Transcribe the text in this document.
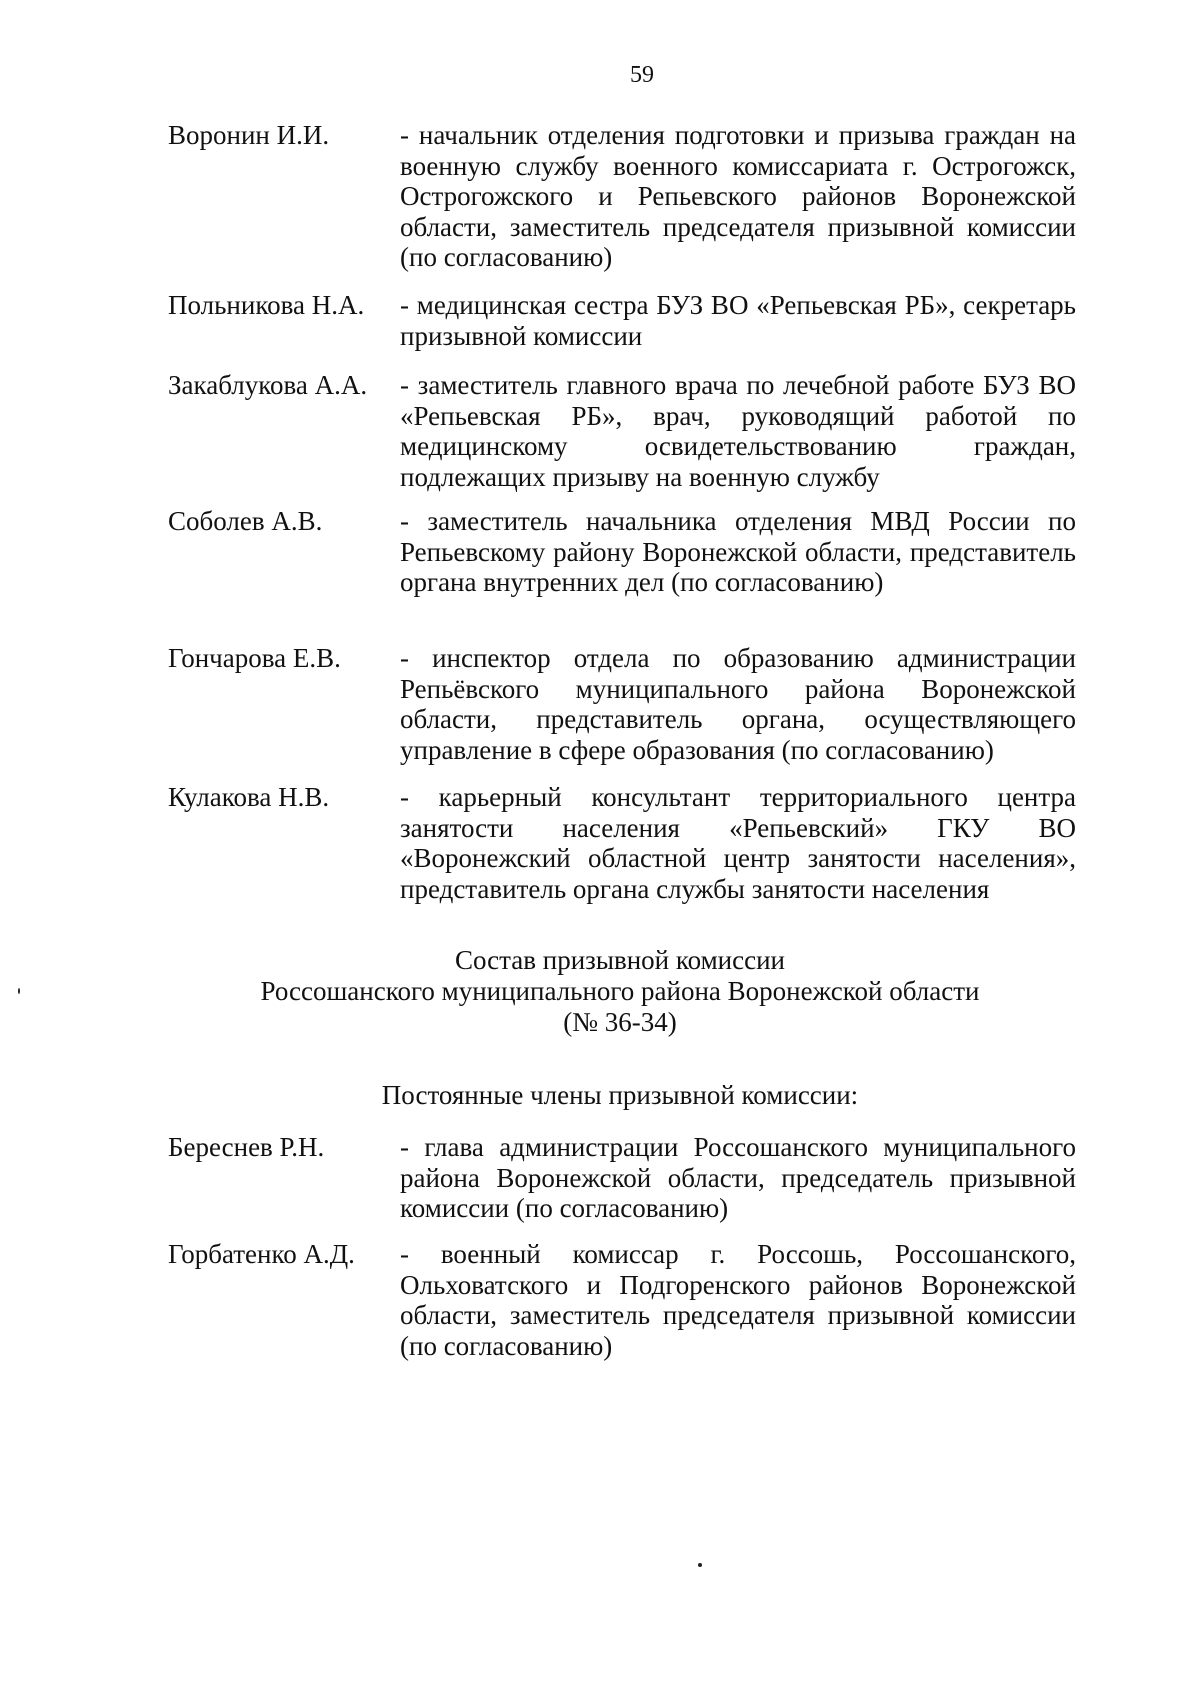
59
Воронин И.И.	- начальник отделения подготовки и призыва граждан на военную службу военного комиссариата г. Острогожск, Острогожского и Репьевского районов Воронежской области, заместитель председателя призывной комиссии (по согласованию)
Польникова Н.А. - медицинская сестра БУЗ ВО «Репьевская РБ», секретарь призывной комиссии
Закаблукова А.А. - заместитель главного врача по лечебной работе БУЗ ВО «Репьевская РБ», врач, руководящий работой по медицинскому освидетельствованию граждан, подлежащих призыву на военную службу
Соболев А.В.	- заместитель начальника отделения МВД России по Репьевскому району Воронежской области, представитель органа внутренних дел (по согласованию)
Гончарова Е.В. - инспектор отдела по образованию администрации Репьёвского муниципального района Воронежской области, представитель органа, осуществляющего управление в сфере образования (по согласованию)
Кулакова Н.В.	- карьерный консультант территориального центра занятости населения «Репьевский» ГКУ ВО «Воронежский областной центр занятости населения», представитель органа службы занятости населения
Состав призывной комиссии
Россошанского муниципального района Воронежской области
(№ 36-34)
Постоянные члены призывной комиссии:
Береснев Р.Н.	- глава администрации Россошанского муниципального района Воронежской области, председатель призывной комиссии (по согласованию)
Горбатенко А.Д. - военный комиссар г. Россошь, Россошанского, Ольховатского и Подгоренского районов Воронежской области, заместитель председателя призывной комиссии (по согласованию)
